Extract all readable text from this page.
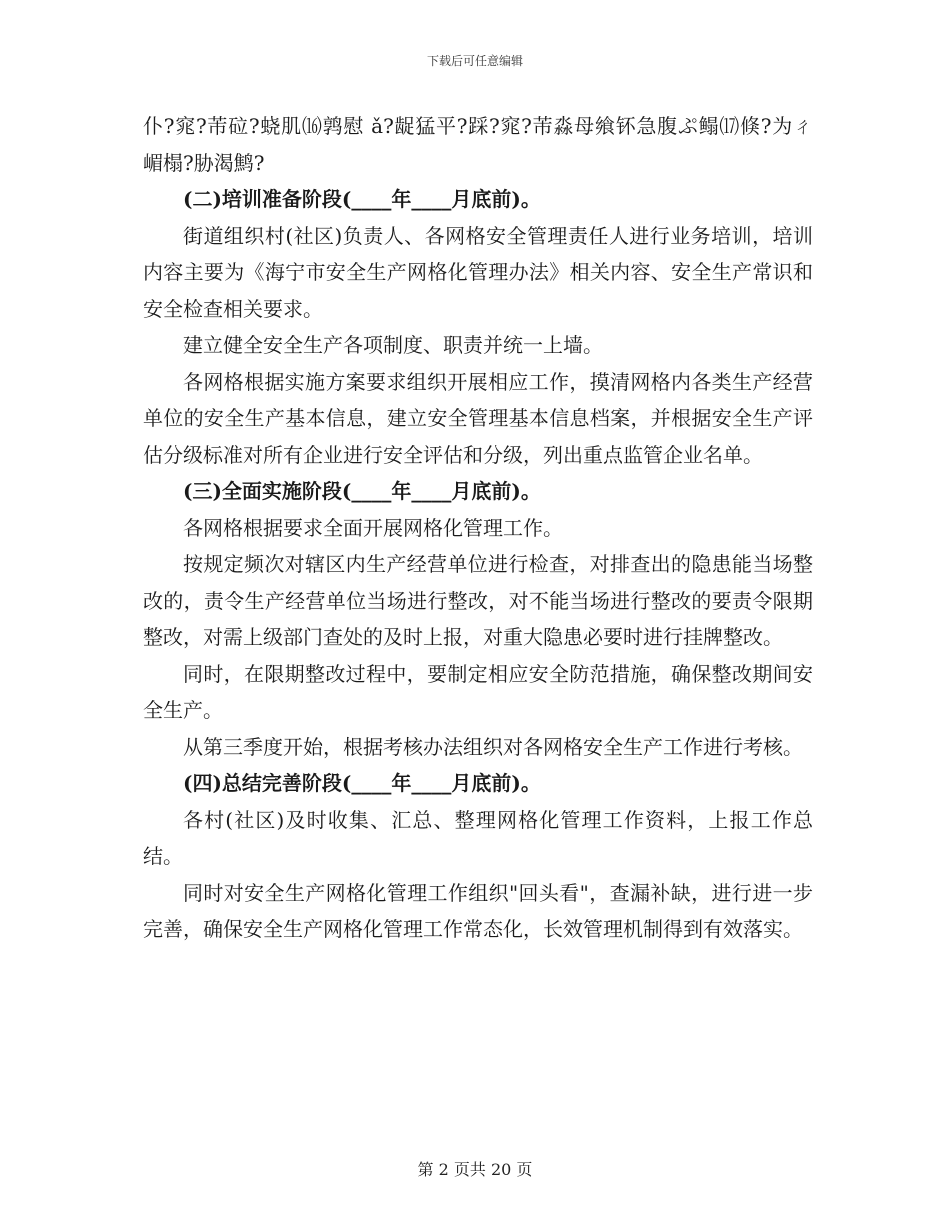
下载后可任意编辑

仆?窕?芾砬?蛲肌⒃鹑慰 ǎ?龊猛平?踩?窕?芾淼母飨钚急腹ぷ鳎⒄倏?为ㄔ 嵋榻?胁渴鹪?

(二)培训准备阶段(____年____月底前)。

街道组织村(社区)负责人、各网格安全管理责任人进行业务培训，培训内容主要为《海宁市安全生产网格化管理办法》相关内容、安全生产常识和安全检查相关要求。

建立健全安全生产各项制度、职责并统一上墙。

各网格根据实施方案要求组织开展相应工作，摸清网格内各类生产经营单位的安全生产基本信息，建立安全管理基本信息档案，并根据安全生产评估分级标准对所有企业进行安全评估和分级，列出重点监管企业名单。

(三)全面实施阶段(____年____月底前)。

各网格根据要求全面开展网格化管理工作。

按规定频次对辖区内生产经营单位进行检查，对排查出的隐患能当场整改的，责令生产经营单位当场进行整改，对不能当场进行整改的要责令限期整改，对需上级部门查处的及时上报，对重大隐患必要时进行挂牌整改。

同时，在限期整改过程中，要制定相应安全防范措施，确保整改期间安全生产。

从第三季度开始，根据考核办法组织对各网格安全生产工作进行考核。

(四)总结完善阶段(____年____月底前)。

各村(社区)及时收集、汇总、整理网格化管理工作资料，上报工作总结。

同时对安全生产网格化管理工作组织"回头看"，查漏补缺，进行进一步完善，确保安全生产网格化管理工作常态化，长效管理机制得到有效落实。

第 2 页共 20 页
